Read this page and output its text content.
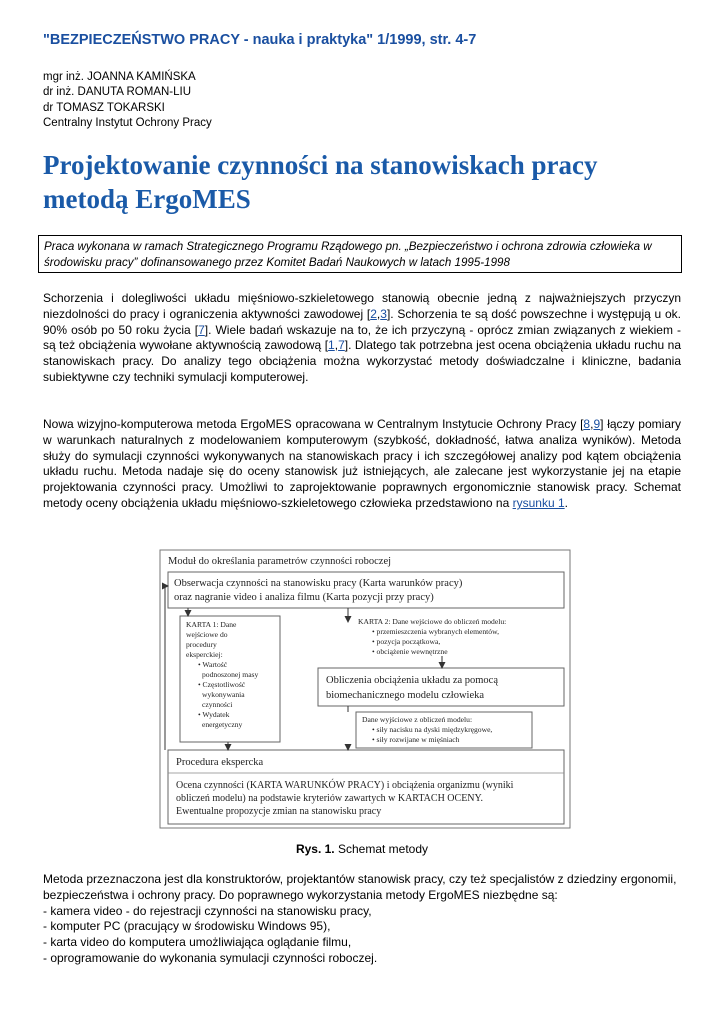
"BEZPIECZEŃSTWO PRACY - nauka i praktyka" 1/1999, str. 4-7
mgr inż. JOANNA KAMIŃSKA
dr inż. DANUTA ROMAN-LIU
dr TOMASZ TOKARSKI
Centralny Instytut Ochrony Pracy
Projektowanie czynności na stanowiskach pracy
metodą ErgoMES
Praca wykonana w ramach Strategicznego Programu Rządowego pn. „Bezpieczeństwo i ochrona zdrowia człowieka w środowisku pracy” dofinansowanego przez Komitet Badań Naukowych w latach 1995-1998
Schorzenia i dolegliwości układu mięśniowo-szkieletowego stanowią obecnie jedną z najważniejszych przyczyn niezdolności do pracy i ograniczenia aktywności zawodowej [2,3]. Schorzenia te są dość powszechne i występują u ok. 90% osób po 50 roku życia [7]. Wiele badań wskazuje na to, że ich przyczyną - oprócz zmian związanych z wiekiem - są też obciążenia wywołane aktywnością zawodową [1,7]. Dlatego tak potrzebna jest ocena obciążenia układu ruchu na stanowiskach pracy. Do analizy tego obciążenia można wykorzystać metody doświadczalne i kliniczne, badania subiektywne czy techniki symulacji komputerowej.
Nowa wizyjno-komputerowa metoda ErgoMES opracowana w Centralnym Instytucie Ochrony Pracy [8,9] łączy pomiary w warunkach naturalnych z modelowaniem komputerowym (szybkość, dokładność, łatwa analiza wyników). Metoda służy do symulacji czynności wykonywanych na stanowiskach pracy i ich szczegółowej analizy pod kątem obciążenia układu ruchu. Metoda nadaje się do oceny stanowisk już istniejących, ale zalecane jest wykorzystanie jej na etapie projektowania czynności pracy. Umożliwi to zaprojektowanie poprawnych ergonomicznie stanowisk pracy. Schemat metody oceny obciążenia układu mięśniowo-szkieletowego człowieka przedstawiono na rysunku 1.
Moduł do określania parametrów czynności roboczej
Obserwacja czynności na stanowisku pracy (Karta warunków pracy)
oraz nagranie video i analiza filmu (Karta pozycji przy pracy)
KARTA 1: Dane
wejściowe do
procedury
eksperckiej:
• Wartość
podnoszonej masy
• Częstotliwość
wykonywania
czynności
• Wydatek
energetyczny
KARTA 2: Dane wejściowe do obliczeń modelu:
• przemieszczenia wybranych elementów,
• pozycja początkowa,
• obciążenie wewnętrzne
Obliczenia obciążenia układu za pomocą
biomechanicznego modelu człowieka
Dane wyjściowe z obliczeń modelu:
• siły nacisku na dyski międzykręgowe,
• siły rozwijane w mięśniach
Procedura ekspercka
Ocena czynności (KARTA WARUNKÓW PRACY) i obciążenia organizmu (wyniki
obliczeń modelu) na podstawie kryteriów zawartych w KARTACH OCENY.
Ewentualne propozycje zmian na stanowisku pracy
Rys. 1. Schemat metody
Metoda przeznaczona jest dla konstruktorów, projektantów stanowisk pracy, czy też specjalistów z dziedziny ergonomii, bezpieczeństwa i ochrony pracy. Do poprawnego wykorzystania metody ErgoMES niezbędne są:
- kamera video - do rejestracji czynności na stanowisku pracy,
- komputer PC (pracujący w środowisku Windows 95),
- karta video do komputera umożliwiająca oglądanie filmu,
- oprogramowanie do wykonania symulacji czynności roboczej.
